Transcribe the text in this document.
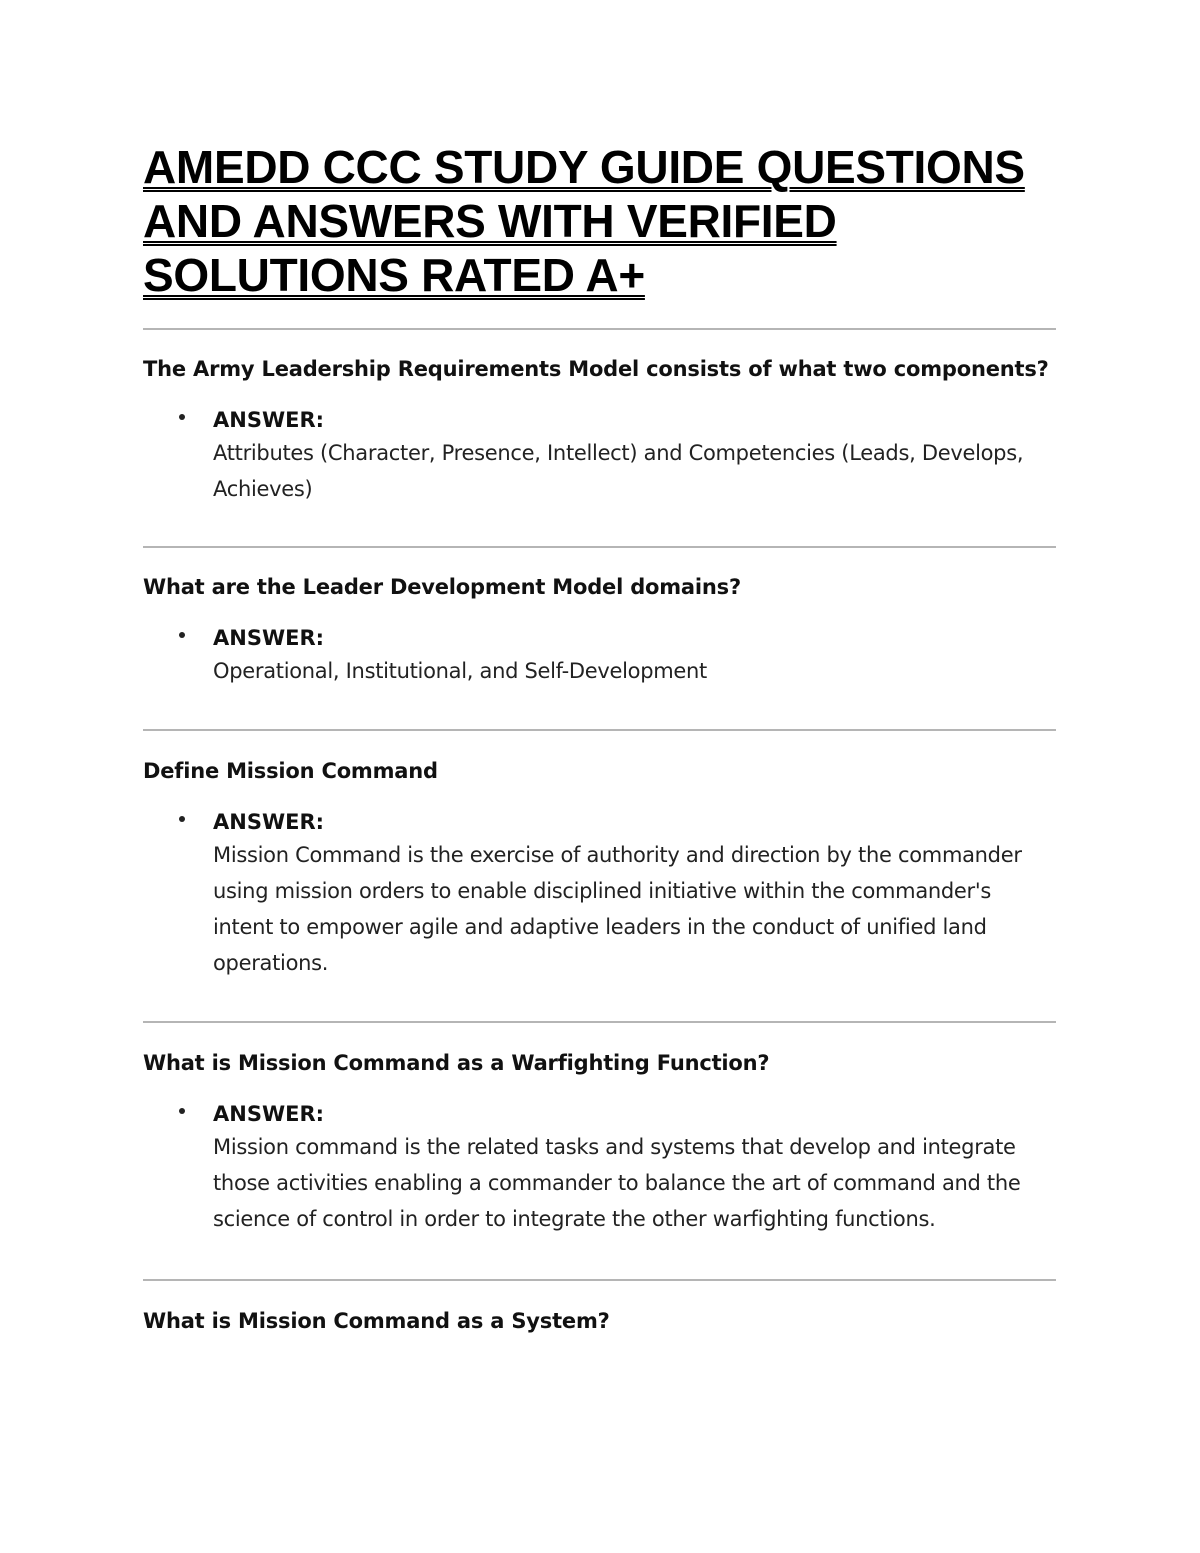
AMEDD CCC STUDY GUIDE QUESTIONS AND ANSWERS WITH VERIFIED SOLUTIONS RATED A+

The Army Leadership Requirements Model consists of what two components?

ANSWER:
Attributes (Character, Presence, Intellect) and Competencies (Leads, Develops, Achieves)

What are the Leader Development Model domains?

ANSWER:
Operational, Institutional, and Self-Development

Define Mission Command

ANSWER:
Mission Command is the exercise of authority and direction by the commander using mission orders to enable disciplined initiative within the commander's intent to empower agile and adaptive leaders in the conduct of unified land operations.

What is Mission Command as a Warfighting Function?

ANSWER:
Mission command is the related tasks and systems that develop and integrate those activities enabling a commander to balance the art of command and the science of control in order to integrate the other warfighting functions.

What is Mission Command as a System?
